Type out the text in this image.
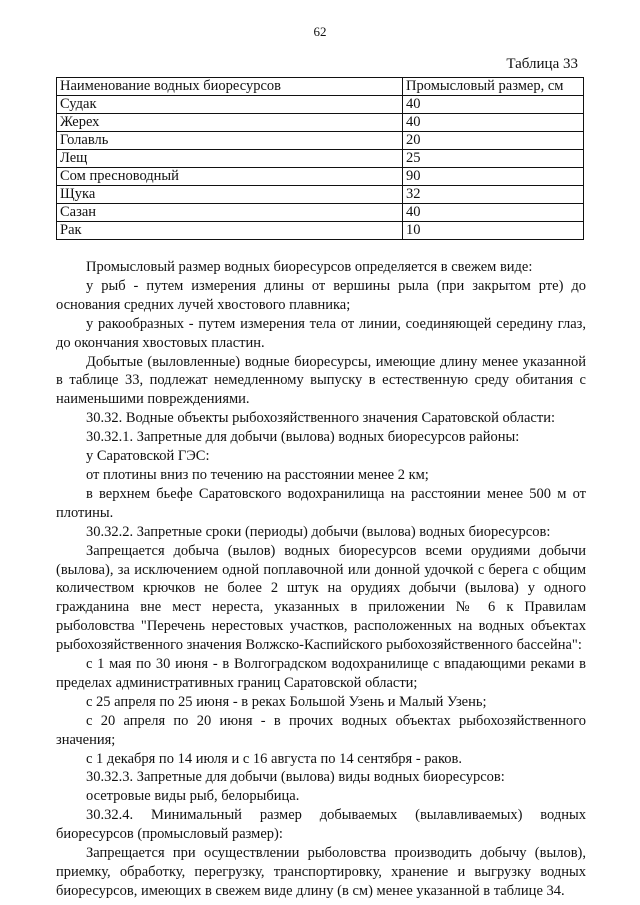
62
Таблица 33
Наименование водных биоресурсов	Промысловый размер, см
Судак	40
Жерех	40
Голавль	20
Лещ	25
Сом пресноводный	90
Щука	32
Сазан	40
Рак	10

Промысловый размер водных биоресурсов определяется в свежем виде:

у рыб - путем измерения длины от вершины рыла (при закрытом рте) до основания средних лучей хвостового плавника;

у ракообразных - путем измерения тела от линии, соединяющей середину глаз, до окончания хвостовых пластин.

Добытые (выловленные) водные биоресурсы, имеющие длину менее указанной в таблице 33, подлежат немедленному выпуску в естественную среду обитания с наименьшими повреждениями.

30.32. Водные объекты рыбохозяйственного значения Саратовской области:

30.32.1. Запретные для добычи (вылова) водных биоресурсов районы:

у Саратовской ГЭС:

от плотины вниз по течению на расстоянии менее 2 км;

в верхнем бьефе Саратовского водохранилища на расстоянии менее 500 м от плотины.

30.32.2. Запретные сроки (периоды) добычи (вылова) водных биоресурсов:

Запрещается добыча (вылов) водных биоресурсов всеми орудиями добычи (вылова), за исключением одной поплавочной или донной удочкой с берега с общим количеством крючков не более 2 штук на орудиях добычи (вылова) у одного гражданина вне мест нереста, указанных в приложении № 6 к Правилам рыболовства "Перечень нерестовых участков, расположенных на водных объектах рыбохозяйственного значения Волжско-Каспийского рыбохозяйственного бассейна":

с 1 мая по 30 июня - в Волгоградском водохранилище с впадающими реками в пределах административных границ Саратовской области;

с 25 апреля по 25 июня - в реках Большой Узень и Малый Узень;

с 20 апреля по 20 июня - в прочих водных объектах рыбохозяйственного значения;

с 1 декабря по 14 июля и с 16 августа по 14 сентября - раков.

30.32.3. Запретные для добычи (вылова) виды водных биоресурсов:

осетровые виды рыб, белорыбица.

30.32.4. Минимальный размер добываемых (вылавливаемых) водных биоресурсов (промысловый размер):

Запрещается при осуществлении рыболовства производить добычу (вылов), приемку, обработку, перегрузку, транспортировку, хранение и выгрузку водных биоресурсов, имеющих в свежем виде длину (в см) менее указанной в таблице 34.
